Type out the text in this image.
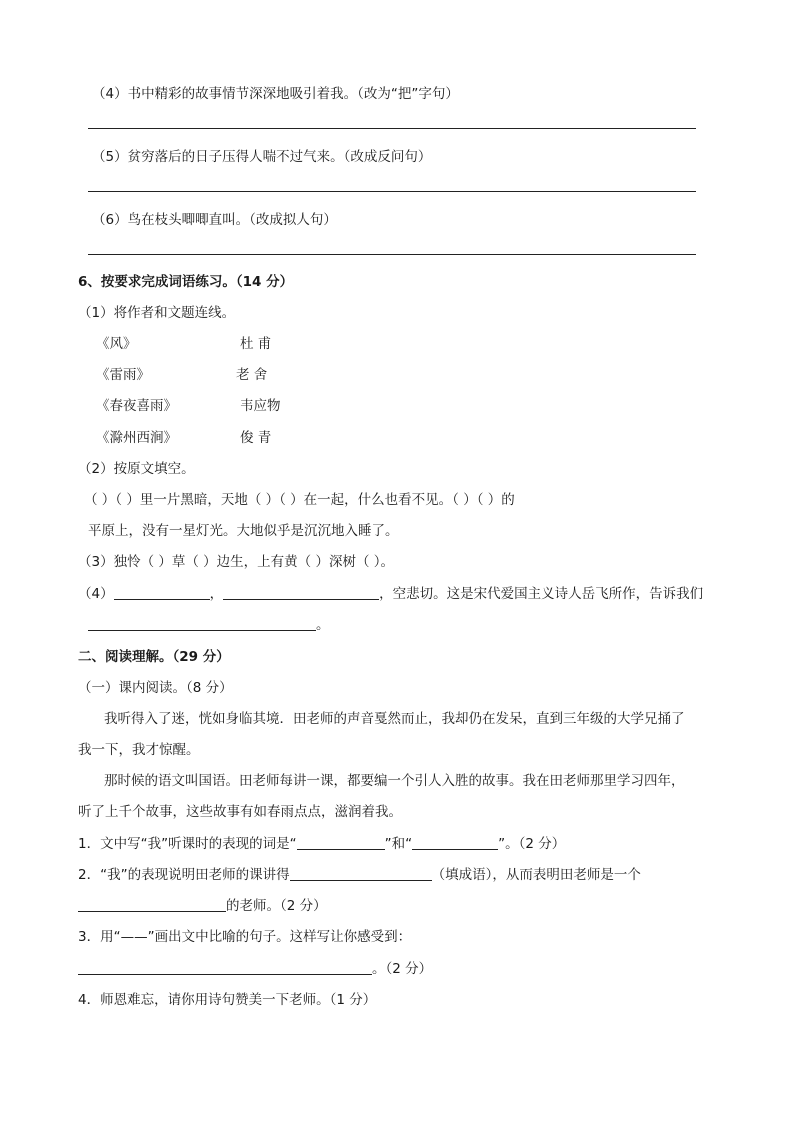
（4）书中精彩的故事情节深深地吸引着我。（改为“把”字句）
（5）贫穷落后的日子压得人喘不过气来。（改成反问句）
（6）鸟在枝头唧唧直叫。（改成拟人句）
6、按要求完成词语练习。（14 分）
（1）将作者和文题连线。
《风》	杜 甫
《雷雨》	老 舍
《春夜喜雨》	韦应物
《滁州西涧》	俊 青
（2）按原文填空。
（ ）（ ）里一片黑暗，天地（ ）（ ）在一起，什么也看不见。（ ）（ ）的
平原上，没有一星灯光。大地似乎是沉沉地入睡了。
（3）独怜（ ）草（ ）边生，上有黄（ ）深树（ ）。
（4）	，	，空悲切。这是宋代爱国主义诗人岳飞所作，告诉我们
。
二、阅读理解。（29 分）
（一）课内阅读。（8 分）
我听得入了迷，恍如身临其境．田老师的声音戛然而止，我却仍在发呆，直到三年级的大学兄捅了
我一下，我才惊醒。
那时候的语文叫国语。田老师每讲一课，都要编一个引人入胜的故事。我在田老师那里学习四年，
听了上千个故事，这些故事有如春雨点点，滋润着我。
1．文中写“我”听课时的表现的词是“	”和“	”。（2 分）
2．“我”的表现说明田老师的课讲得	（填成语），从而表明田老师是一个
的老师。（2 分）
3．用“——”画出文中比喻的句子。这样写让你感受到：
。（2 分）
4．师恩难忘，请你用诗句赞美一下老师。（1 分）
